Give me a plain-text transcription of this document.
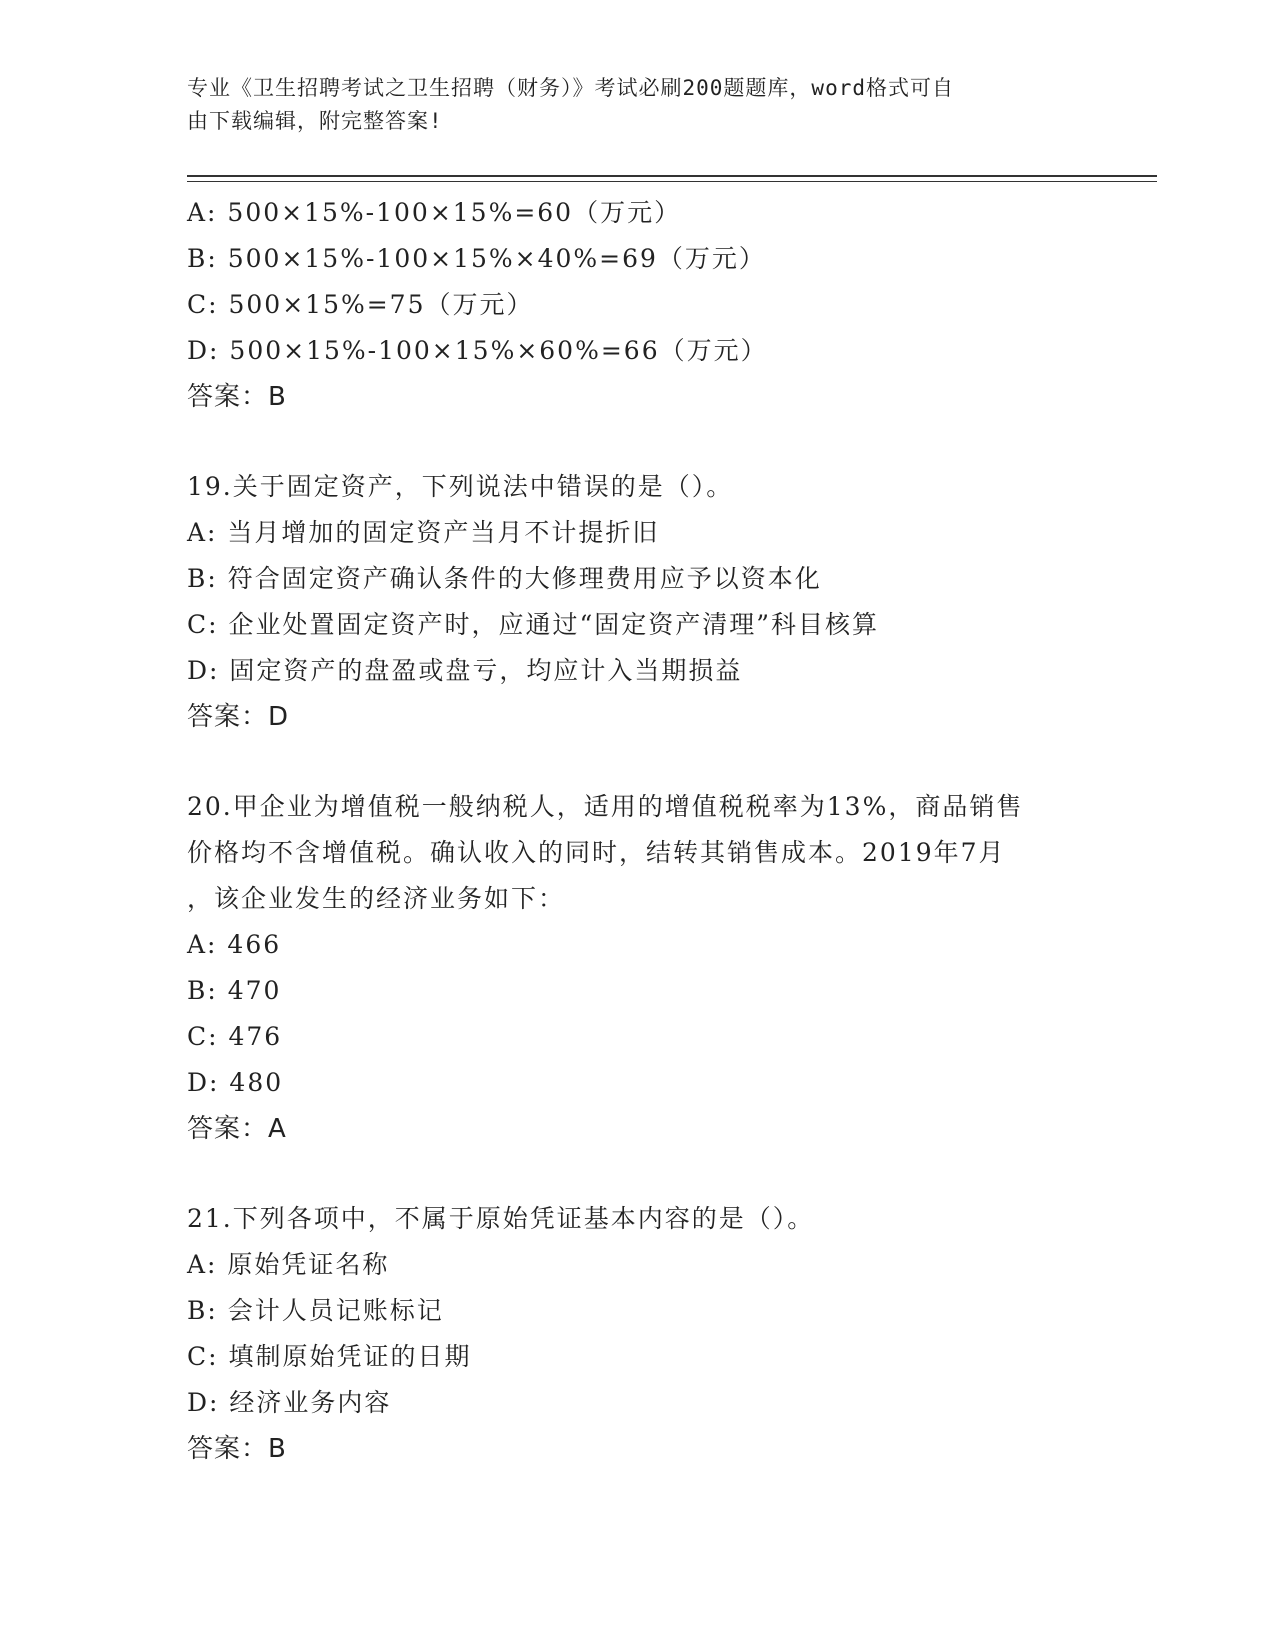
专业《卫生招聘考试之卫生招聘（财务）》考试必刷200题题库，word格式可自
由下载编辑，附完整答案!
A: 500×15%-100×15%=60（万元）
B: 500×15%-100×15%×40%=69（万元）
C: 500×15%=75（万元）
D: 500×15%-100×15%×60%=66（万元）
答案：B
19.关于固定资产，下列说法中错误的是（）。
A: 当月增加的固定资产当月不计提折旧
B: 符合固定资产确认条件的大修理费用应予以资本化
C: 企业处置固定资产时，应通过“固定资产清理”科目核算
D: 固定资产的盘盈或盘亏，均应计入当期损益
答案：D
20.甲企业为增值税一般纳税人，适用的增值税税率为13%，商品销售
价格均不含增值税。确认收入的同时，结转其销售成本。2019年7月
，该企业发生的经济业务如下：
A: 466
B: 470
C: 476
D: 480
答案：A
21.下列各项中，不属于原始凭证基本内容的是（）。
A: 原始凭证名称
B: 会计人员记账标记
C: 填制原始凭证的日期
D: 经济业务内容
答案：B
